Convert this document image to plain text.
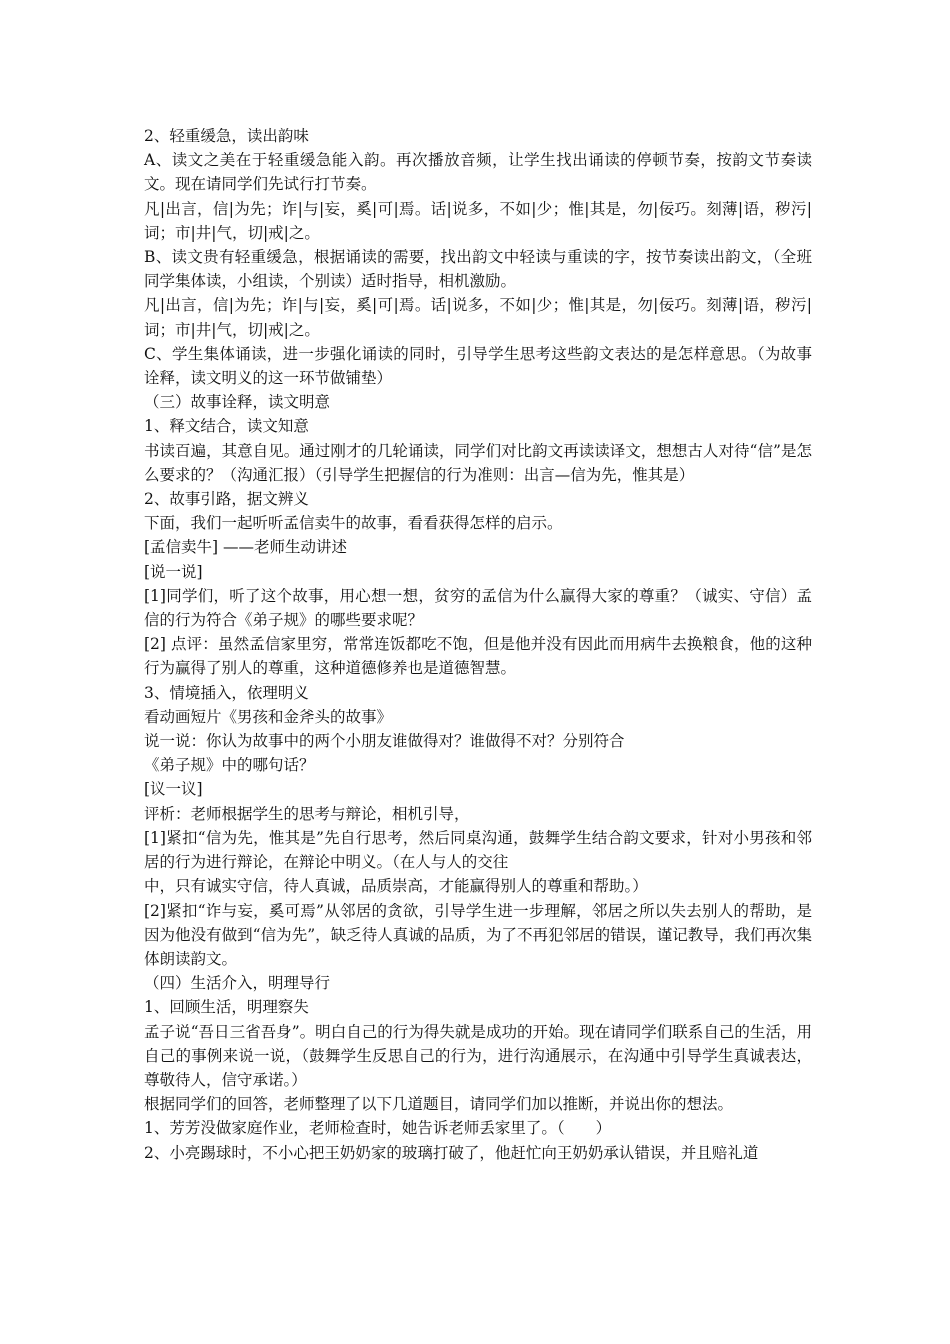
2、轻重缓急，读出韵味

A、读文之美在于轻重缓急能入韵。再次播放音频，让学生找出诵读的停顿节奏，按韵文节奏读文。现在请同学们先试行打节奏。

凡|出言，信|为先；诈|与|妄，奚|可|焉。话|说多，不如|少；惟|其是，勿|佞巧。刻薄|语，秽污|词；市|井|气，切|戒|之。

B、读文贵有轻重缓急，根据诵读的需要，找出韵文中轻读与重读的字，按节奏读出韵文，（全班同学集体读，小组读，个别读）适时指导，相机激励。

凡|出言，信|为先；诈|与|妄，奚|可|焉。话|说多，不如|少；惟|其是，勿|佞巧。刻薄|语，秽污|词；市|井|气，切|戒|之。

C、学生集体诵读，进一步强化诵读的同时，引导学生思考这些韵文表达的是怎样意思。（为故事诠释，读文明义的这一环节做铺垫）

（三）故事诠释，读文明意

1、释文结合，读文知意

书读百遍，其意自见。通过刚才的几轮诵读，同学们对比韵文再读读译文，想想古人对待“信”是怎么要求的？（沟通汇报）（引导学生把握信的行为准则：出言—信为先，惟其是）

2、故事引路，据文辨义

下面，我们一起听听孟信卖牛的故事，看看获得怎样的启示。

[孟信卖牛] ——老师生动讲述

[说一说]

[1]同学们，听了这个故事，用心想一想，贫穷的孟信为什么赢得大家的尊重？（诚实、守信）孟信的行为符合《弟子规》的哪些要求呢？

[2] 点评：虽然孟信家里穷，常常连饭都吃不饱，但是他并没有因此而用病牛去换粮食，他的这种行为赢得了别人的尊重，这种道德修养也是道德智慧。

3、情境插入，依理明义

看动画短片《男孩和金斧头的故事》

说一说：你认为故事中的两个小朋友谁做得对？谁做得不对？分别符合

《弟子规》中的哪句话？

[议一议]

评析：老师根据学生的思考与辩论，相机引导，

[1]紧扣“信为先，惟其是”先自行思考，然后同桌沟通，鼓舞学生结合韵文要求，针对小男孩和邻居的行为进行辩论，在辩论中明义。（在人与人的交往

中，只有诚实守信，待人真诚，品质崇高，才能赢得别人的尊重和帮助。）

[2]紧扣“诈与妄，奚可焉”从邻居的贪欲，引导学生进一步理解，邻居之所以失去别人的帮助，是因为他没有做到“信为先”，缺乏待人真诚的品质，为了不再犯邻居的错误，谨记教导，我们再次集体朗读韵文。

（四）生活介入，明理导行

1、回顾生活，明理察失

孟子说“吾日三省吾身”。明白自己的行为得失就是成功的开始。现在请同学们联系自己的生活，用自己的事例来说一说，（鼓舞学生反思自己的行为，进行沟通展示，在沟通中引导学生真诚表达，尊敬待人，信守承诺。）

根据同学们的回答，老师整理了以下几道题目，请同学们加以推断，并说出你的想法。

1、芳芳没做家庭作业，老师检查时，她告诉老师丢家里了。（　　）

2、小亮踢球时，不小心把王奶奶家的玻璃打破了，他赶忙向王奶奶承认错误，并且赔礼道
